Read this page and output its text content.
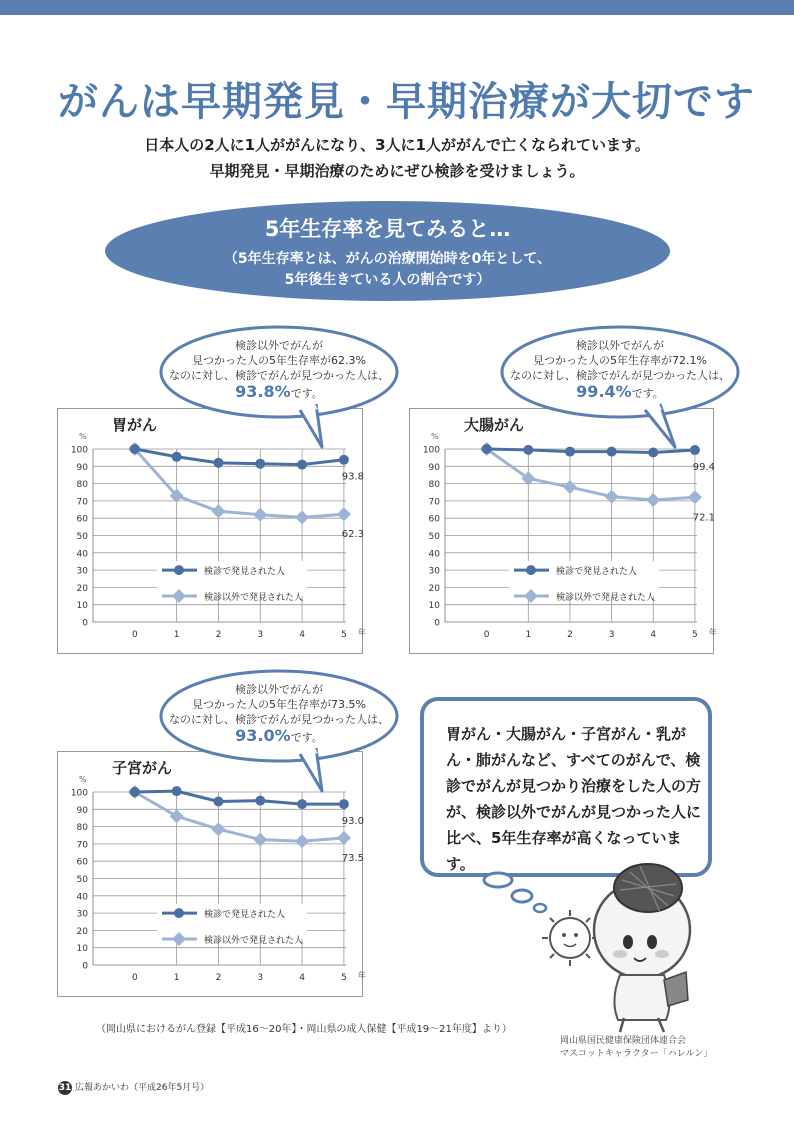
がんは早期発見・早期治療が大切です
日本人の2人に1人ががんになり、3人に1人ががんで亡くなられています。
早期発見・早期治療のためにぜひ検診を受けましょう。
5年生存率を見てみると…
（5年生存率とは、がんの治療開始時を0年として、
5年後生きている人の割合です）
胃がん
%
0
10
20
30
40
50
60
70
80
90
100
0	1	2	3	4	5 年
93.8
62.3
検診で発見された人
検診以外で発見された人
大腸がん
%
0
10
20
30
40
50
60
70
80
90
100
0	1	2	3	4	5 年
99.4
72.1
検診で発見された人
検診以外で発見された人
子宮がん
%
0
10
20
30
40
50
60
70
80
90
100
0	1	2	3	4	5 年
93.0
73.5
検診で発見された人
検診以外で発見された人
検診以外でがんが
見つかった人の5年生存率が62.3%
なのに対し、検診でがんが見つかった人は、
93.8%です。
検診以外でがんが
見つかった人の5年生存率が72.1%
なのに対し、検診でがんが見つかった人は、
99.4%です。
検診以外でがんが
見つかった人の5年生存率が73.5%
なのに対し、検診でがんが見つかった人は、
93.0%です。	胃がん・大腸がん・子宮がん・乳がん・肺がんなど、すべてのがんで、検診でがんが見つかり治療をした人の方が、検診以外でがんが見つかった人に比べ、5年生存率が高くなっています。
（岡山県におけるがん登録【平成16～20年】・岡山県の成人保健【平成19～21年度】より）
岡山県国民健康保険団体連合会
マスコットキャラクター「ハレルン」
31 広報あかいわ（平成26年5月号）
